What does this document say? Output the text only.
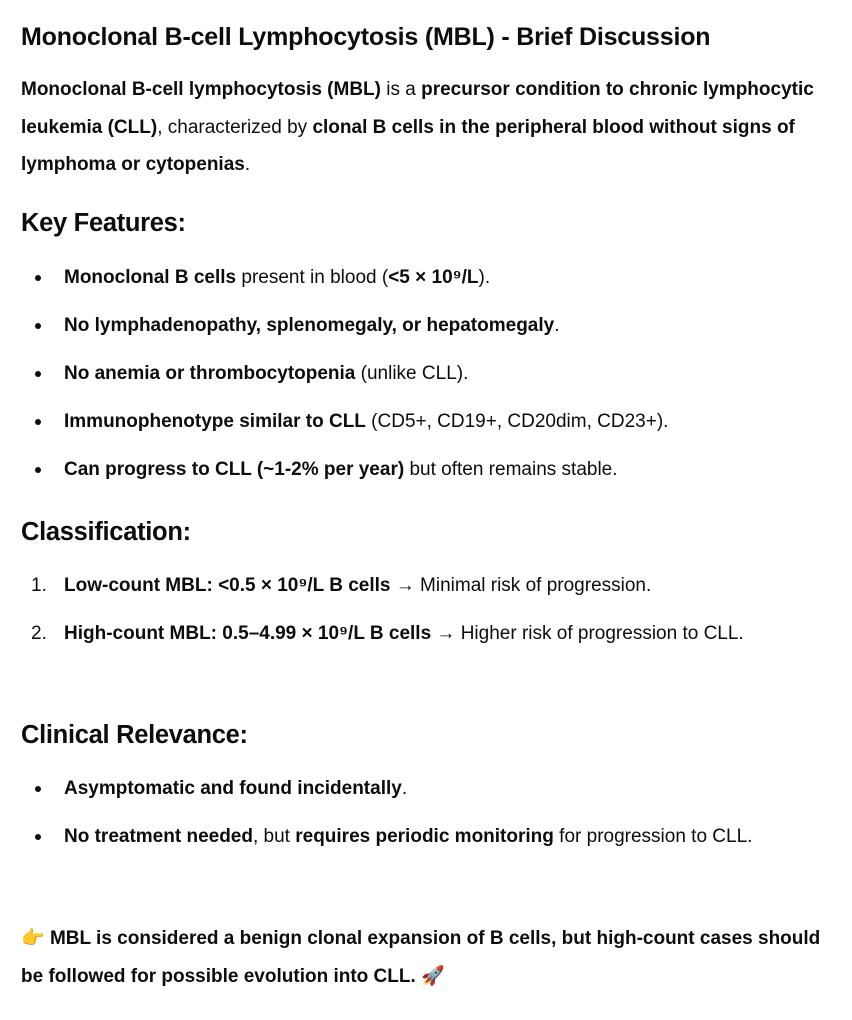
Monoclonal B-cell Lymphocytosis (MBL) - Brief Discussion

Monoclonal B-cell lymphocytosis (MBL) is a precursor condition to chronic lymphocytic leukemia (CLL), characterized by clonal B cells in the peripheral blood without signs of lymphoma or cytopenias.

Key Features:
Monoclonal B cells present in blood (<5 × 10⁹/L).
No lymphadenopathy, splenomegaly, or hepatomegaly.
No anemia or thrombocytopenia (unlike CLL).
Immunophenotype similar to CLL (CD5+, CD19+, CD20dim, CD23+).
Can progress to CLL (~1-2% per year) but often remains stable.
Classification:
1. Low-count MBL: <0.5 × 10⁹/L B cells → Minimal risk of progression.
2. High-count MBL: 0.5–4.99 × 10⁹/L B cells → Higher risk of progression to CLL.
Clinical Relevance:
Asymptomatic and found incidentally.
No treatment needed, but requires periodic monitoring for progression to CLL.

👉 MBL is considered a benign clonal expansion of B cells, but high-count cases should be followed for possible evolution into CLL. 🚀
